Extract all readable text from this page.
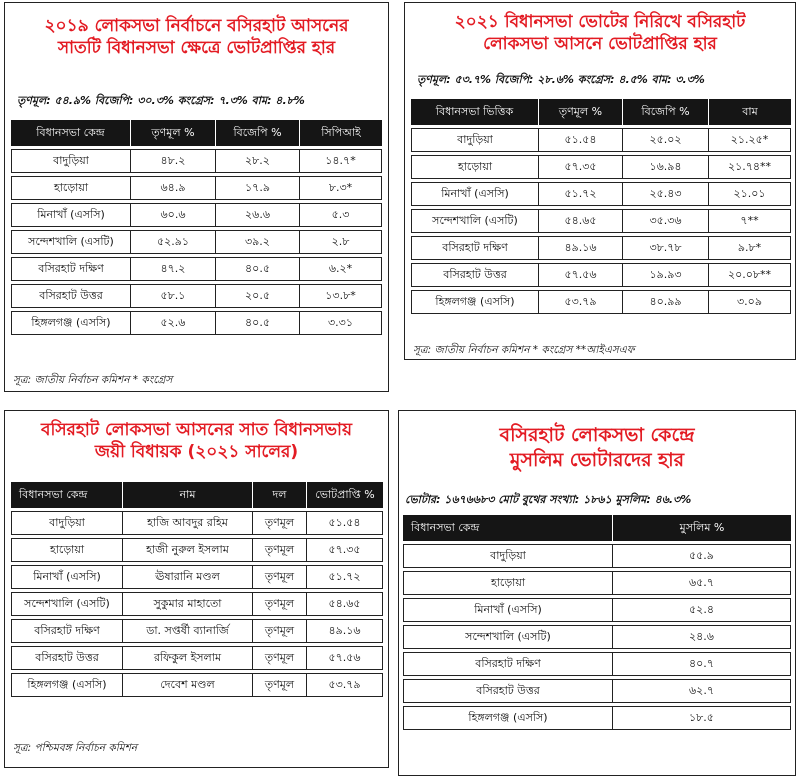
২০১৯ লোকসভা নির্বাচনে বসিরহাট আসনের
সাতটি বিধানসভা ক্ষেত্রে ভোটপ্রাপ্তির হার
তৃণমূল: ৫৪.৯% বিজেপি: ৩০.৩% কংগ্রেস: ৭.৩% বাম: ৪.৮%
বিধানসভা কেন্দ্র	তৃণমূল %	বিজেপি %	সিপিআই
বাদুড়িয়া	৪৮.২	২৮.২	১৪.৭*
হাড়োয়া	৬৪.৯	১৭.৯	৮.৩*
মিনাখাঁ (এসসি)	৬০.৬	২৬.৬	৫.৩
সন্দেশখালি (এসটি)	৫২.৯১	৩৯.২	২.৮
বসিরহাট দক্ষিণ	৪৭.২	৪০.৫	৬.২*
বসিরহাট উত্তর	৫৮.১	২০.৫	১৩.৮*
হিঙ্গলগঞ্জ (এসসি)	৫২.৬	৪০.৫	৩.৩১
সূত্র: জাতীয় নির্বাচন কমিশন * কংগ্রেস
২০২১ বিধানসভা ভোটের নিরিখে বসিরহাট
লোকসভা আসনে ভোটপ্রাপ্তির হার
তৃণমূল: ৫৩.৭% বিজেপি: ২৮.৬% কংগ্রেস: ৪.৫% বাম: ৩.৩%
বিধানসভা ভিত্তিক	তৃণমূল %	বিজেপি %	বাম
বাদুড়িয়া	৫১.৫৪	২৫.০২	২১.২৫*
হাড়োয়া	৫৭.৩৫	১৬.৯৪	২১.৭৪**
মিনাখাঁ (এসসি)	৫১.৭২	২৫.৪৩	২১.০১
সন্দেশখালি (এসটি)	৫৪.৬৫	৩৫.৩৬	৭**
বসিরহাট দক্ষিণ	৪৯.১৬	৩৮.৭৮	৯.৮*
বসিরহাট উত্তর	৫৭.৫৬	১৯.৯৩	২০.০৮**
হিঙ্গলগঞ্জ (এসসি)	৫৩.৭৯	৪০.৯৯	৩.০৯
সূত্র: জাতীয় নির্বাচন কমিশন * কংগ্রেস **আইএসএফ
বসিরহাট লোকসভা আসনের সাত বিধানসভায়
জয়ী বিধায়ক (২০২১ সালের)
বিধানসভা কেন্দ্র	নাম	দল	ভোটপ্রাপ্তি %
বাদুড়িয়া	হাজি আবদুর রহিম	তৃণমূল	৫১.৫৪
হাড়োয়া	হাজী নুরুল ইসলাম	তৃণমূল	৫৭.৩৫
মিনাখাঁ (এসসি)	ঊষারানি মণ্ডল	তৃণমূল	৫১.৭২
সন্দেশখালি (এসটি)	সুকুমার মাহাতো	তৃণমূল	৫৪.৬৫
বসিরহাট দক্ষিণ	ডা. সপ্তর্ষী ব্যানার্জি	তৃণমূল	৪৯.১৬
বসিরহাট উত্তর	রফিকুল ইসলাম	তৃণমূল	৫৭.৫৬
হিঙ্গলগঞ্জ (এসসি)	দেবেশ মণ্ডল	তৃণমূল	৫৩.৭৯
সূত্র: পশ্চিমবঙ্গ নির্বাচন কমিশন
বসিরহাট লোকসভা কেন্দ্রে
মুসলিম ভোটারদের হার
ভোটার: ১৬৭৬৬৮৩ মোট বুথের সংখ্যা: ১৮৬১ মুসলিম: ৪৬.৩%
বিধানসভা কেন্দ্র	মুসলিম %
বাদুড়িয়া	৫৫.৯
হাড়োয়া	৬৫.৭
মিনাখাঁ (এসসি)	৫২.৪
সন্দেশখালি (এসটি)	২৪.৬
বসিরহাট দক্ষিণ	৪০.৭
বসিরহাট উত্তর	৬২.৭
হিঙ্গলগঞ্জ (এসসি)	১৮.৫
